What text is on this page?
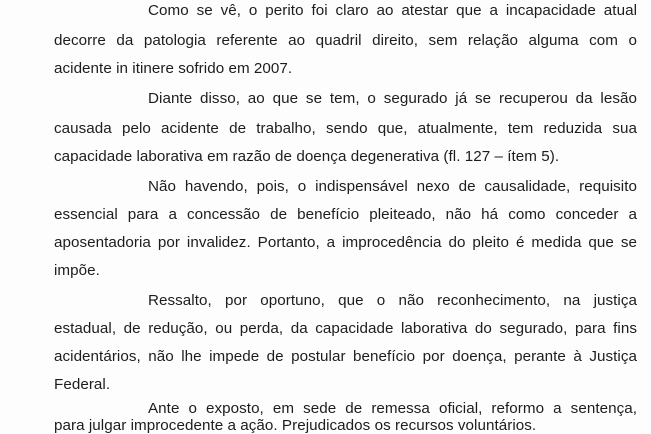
Como se vê, o perito foi claro ao atestar que a incapacidade atual
decorre da patologia referente ao quadril direito, sem relação alguma com o
acidente in itinere sofrido em 2007.
Diante disso, ao que se tem, o segurado já se recuperou da lesão
causada pelo acidente de trabalho, sendo que, atualmente, tem reduzida sua
capacidade laborativa em razão de doença degenerativa (fl. 127 – ítem 5).
Não havendo, pois, o indispensável nexo de causalidade, requisito
essencial para a concessão de benefício pleiteado, não há como conceder a
aposentadoria por invalidez. Portanto, a improcedência do pleito é medida que se
impõe.
Ressalto, por oportuno, que o não reconhecimento, na justiça
estadual, de redução, ou perda, da capacidade laborativa do segurado, para fins
acidentários, não lhe impede de postular benefício por doença, perante à Justiça
Federal.
Ante o exposto, em sede de remessa oficial, reformo a sentença,
para julgar improcedente a ação. Prejudicados os recursos voluntários.
